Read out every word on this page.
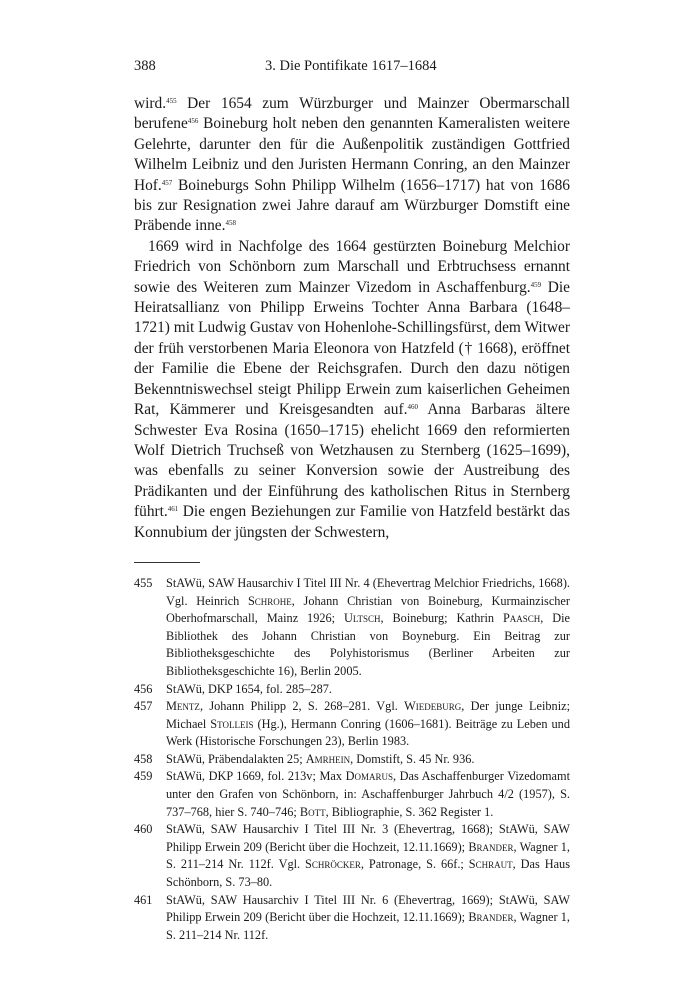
388	3. Die Pontifikate 1617–1684

wird.$^{455}$ Der 1654 zum Würzburger und Mainzer Obermarschall berufene$^{456}$ Boineburg holt neben den genannten Kameralisten weitere Gelehrte, darunter den für die Außenpolitik zuständigen Gottfried Wilhelm Leibniz und den Juristen Hermann Conring, an den Mainzer Hof.$^{457}$ Boineburgs Sohn Philipp Wilhelm (1656–1717) hat von 1686 bis zur Resignation zwei Jahre darauf am Würzburger Domstift eine Präbende inne.$^{458}$

1669 wird in Nachfolge des 1664 gestürzten Boineburg Melchior Friedrich von Schönborn zum Marschall und Erbtruchsess ernannt sowie des Weiteren zum Mainzer Vizedom in Aschaffenburg.$^{459}$ Die Heiratsallianz von Philipp Erweins Tochter Anna Barbara (1648–1721) mit Ludwig Gustav von Hohenlohe-Schillingsfürst, dem Witwer der früh verstorbenen Maria Eleonora von Hatzfeld († 1668), eröffnet der Familie die Ebene der Reichsgrafen. Durch den dazu nötigen Bekenntniswechsel steigt Philipp Erwein zum kaiserlichen Geheimen Rat, Kämmerer und Kreisgesandten auf.$^{460}$ Anna Barbaras ältere Schwester Eva Rosina (1650–1715) ehelicht 1669 den reformierten Wolf Dietrich Truchseß von Wetzhausen zu Sternberg (1625–1699), was ebenfalls zu seiner Konversion sowie der Austreibung des Prädikanten und der Einführung des katholischen Ritus in Sternberg führt.$^{461}$ Die engen Beziehungen zur Familie von Hatzfeld bestärkt das Konnubium der jüngsten der Schwestern,

455 StAWü, SAW Hausarchiv I Titel III Nr. 4 (Ehevertrag Melchior Friedrichs, 1668). Vgl. Heinrich Schrohe, Johann Christian von Boineburg, Kurmainzischer Oberhofmarschall, Mainz 1926; Ultsch, Boineburg; Kathrin Paasch, Die Bibliothek des Johann Christian von Boyneburg. Ein Beitrag zur Bibliotheksgeschichte des Polyhistorismus (Berliner Arbeiten zur Bibliotheksgeschichte 16), Berlin 2005.
456 StAWü, DKP 1654, fol. 285–287.
457 Mentz, Johann Philipp 2, S. 268–281. Vgl. Wiedeburg, Der junge Leibniz; Michael Stolleis (Hg.), Hermann Conring (1606–1681). Beiträge zu Leben und Werk (Historische Forschungen 23), Berlin 1983.
458 StAWü, Präbendalakten 25; Amrhein, Domstift, S. 45 Nr. 936.
459 StAWü, DKP 1669, fol. 213v; Max Domarus, Das Aschaffenburger Vizedomamt unter den Grafen von Schönborn, in: Aschaffenburger Jahrbuch 4/2 (1957), S. 737–768, hier S. 740–746; Bott, Bibliographie, S. 362 Register 1.
460 StAWü, SAW Hausarchiv I Titel III Nr. 3 (Ehevertrag, 1668); StAWü, SAW Philipp Erwein 209 (Bericht über die Hochzeit, 12.11.1669); Brander, Wagner 1, S. 211–214 Nr. 112f. Vgl. Schröcker, Patronage, S. 66f.; Schraut, Das Haus Schönborn, S. 73–80.
461 StAWü, SAW Hausarchiv I Titel III Nr. 6 (Ehevertrag, 1669); StAWü, SAW Philipp Erwein 209 (Bericht über die Hochzeit, 12.11.1669); Brander, Wagner 1, S. 211–214 Nr. 112f.
